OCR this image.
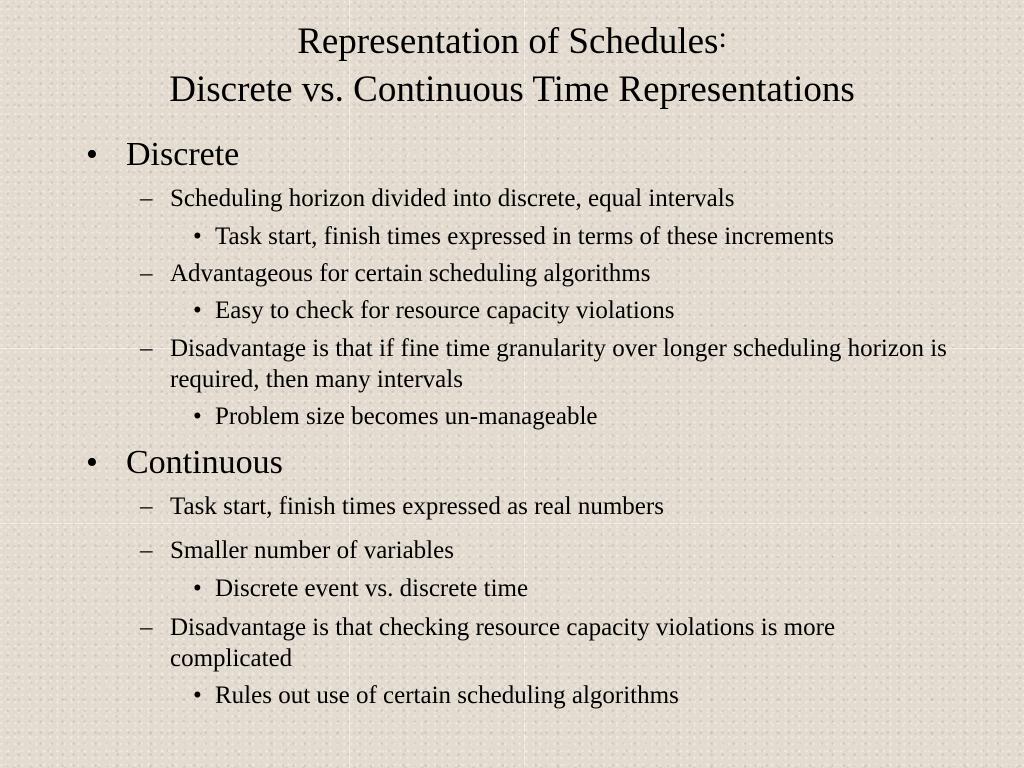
Representation of Schedules:
Discrete vs. Continuous Time Representations
• Discrete
– Scheduling horizon divided into discrete, equal intervals
• Task start, finish times expressed in terms of these increments
– Advantageous for certain scheduling algorithms
• Easy to check for resource capacity violations
– Disadvantage is that if fine time granularity over longer scheduling horizon is required, then many intervals
• Problem size becomes un-manageable
• Continuous
– Task start, finish times expressed as real numbers
– Smaller number of variables
• Discrete event vs. discrete time
– Disadvantage is that checking resource capacity violations is more complicated
• Rules out use of certain scheduling algorithms
